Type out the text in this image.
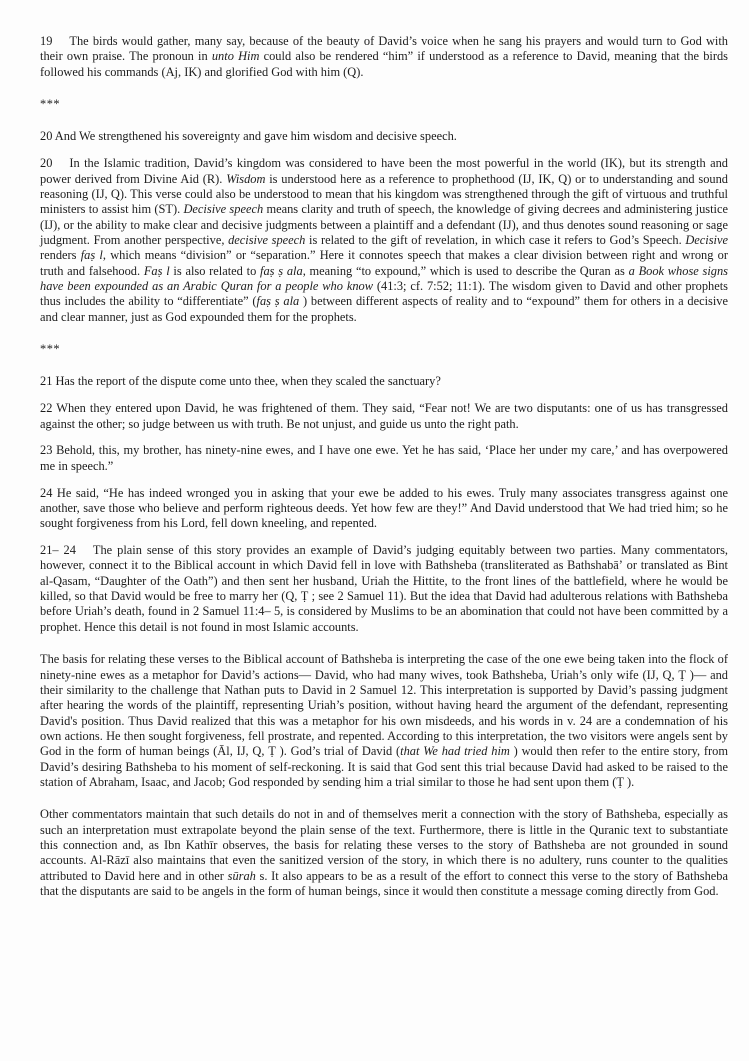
19 The birds would gather, many say, because of the beauty of David’s voice when he sang his prayers and would turn to God with their own praise. The pronoun in unto Him could also be rendered “him” if understood as a reference to David, meaning that the birds followed his commands (Aj, IK) and glorified God with him (Q).

***

20 And We strengthened his sovereignty and gave him wisdom and decisive speech.

20 In the Islamic tradition, David’s kingdom was considered to have been the most powerful in the world (IK), but its strength and power derived from Divine Aid (R). Wisdom is understood here as a reference to prophethood (IJ, IK, Q) or to understanding and sound reasoning (IJ, Q). This verse could also be understood to mean that his kingdom was strengthened through the gift of virtuous and truthful ministers to assist him (ST). Decisive speech means clarity and truth of speech, the knowledge of giving decrees and administering justice (IJ), or the ability to make clear and decisive judgments between a plaintiff and a defendant (IJ), and thus denotes sound reasoning or sage judgment. From another perspective, decisive speech is related to the gift of revelation, in which case it refers to God’s Speech. Decisive renders faṣ l, which means “division” or “separation.” Here it connotes speech that makes a clear division between right and wrong or truth and falsehood. Faṣ l is also related to faṣ ṣ ala, meaning “to expound,” which is used to describe the Quran as a Book whose signs have been expounded as an Arabic Quran for a people who know (41:3; cf. 7:52; 11:1). The wisdom given to David and other prophets thus includes the ability to “differentiate” (faṣ ṣ ala ) between different aspects of reality and to “expound” them for others in a decisive and clear manner, just as God expounded them for the prophets.

***

21 Has the report of the dispute come unto thee, when they scaled the sanctuary?

22 When they entered upon David, he was frightened of them. They said, “Fear not! We are two disputants: one of us has transgressed against the other; so judge between us with truth. Be not unjust, and guide us unto the right path.

23 Behold, this, my brother, has ninety-nine ewes, and I have one ewe. Yet he has said, ‘Place her under my care,’ and has overpowered me in speech.”

24 He said, “He has indeed wronged you in asking that your ewe be added to his ewes. Truly many associates transgress against one another, save those who believe and perform righteous deeds. Yet how few are they!” And David understood that We had tried him; so he sought forgiveness from his Lord, fell down kneeling, and repented.

21– 24 The plain sense of this story provides an example of David’s judging equitably between two parties. Many commentators, however, connect it to the Biblical account in which David fell in love with Bathsheba (transliterated as Bathshabāʼ or translated as Bint al-Qasam, “Daughter of the Oath”) and then sent her husband, Uriah the Hittite, to the front lines of the battlefield, where he would be killed, so that David would be free to marry her (Q, Ṭ ; see 2 Samuel 11). But the idea that David had adulterous relations with Bathsheba before Uriah’s death, found in 2 Samuel 11:4– 5, is considered by Muslims to be an abomination that could not have been committed by a prophet. Hence this detail is not found in most Islamic accounts.

The basis for relating these verses to the Biblical account of Bathsheba is interpreting the case of the one ewe being taken into the flock of ninety-nine ewes as a metaphor for David’s actions— David, who had many wives, took Bathsheba, Uriah’s only wife (IJ, Q, Ṭ )— and their similarity to the challenge that Nathan puts to David in 2 Samuel 12. This interpretation is supported by David’s passing judgment after hearing the words of the plaintiff, representing Uriah’s position, without having heard the argument of the defendant, representing David's position. Thus David realized that this was a metaphor for his own misdeeds, and his words in v. 24 are a condemnation of his own actions. He then sought forgiveness, fell prostrate, and repented. According to this interpretation, the two visitors were angels sent by God in the form of human beings (Āl, IJ, Q, Ṭ ). God’s trial of David (that We had tried him ) would then refer to the entire story, from David’s desiring Bathsheba to his moment of self-reckoning. It is said that God sent this trial because David had asked to be raised to the station of Abraham, Isaac, and Jacob; God responded by sending him a trial similar to those he had sent upon them (Ṭ ).

Other commentators maintain that such details do not in and of themselves merit a connection with the story of Bathsheba, especially as such an interpretation must extrapolate beyond the plain sense of the text. Furthermore, there is little in the Quranic text to substantiate this connection and, as Ibn Kathīr observes, the basis for relating these verses to the story of Bathsheba are not grounded in sound accounts. Al-Rāzī also maintains that even the sanitized version of the story, in which there is no adultery, runs counter to the qualities attributed to David here and in other sūrah s. It also appears to be as a result of the effort to connect this verse to the story of Bathsheba that the disputants are said to be angels in the form of human beings, since it would then constitute a message coming directly from God.
